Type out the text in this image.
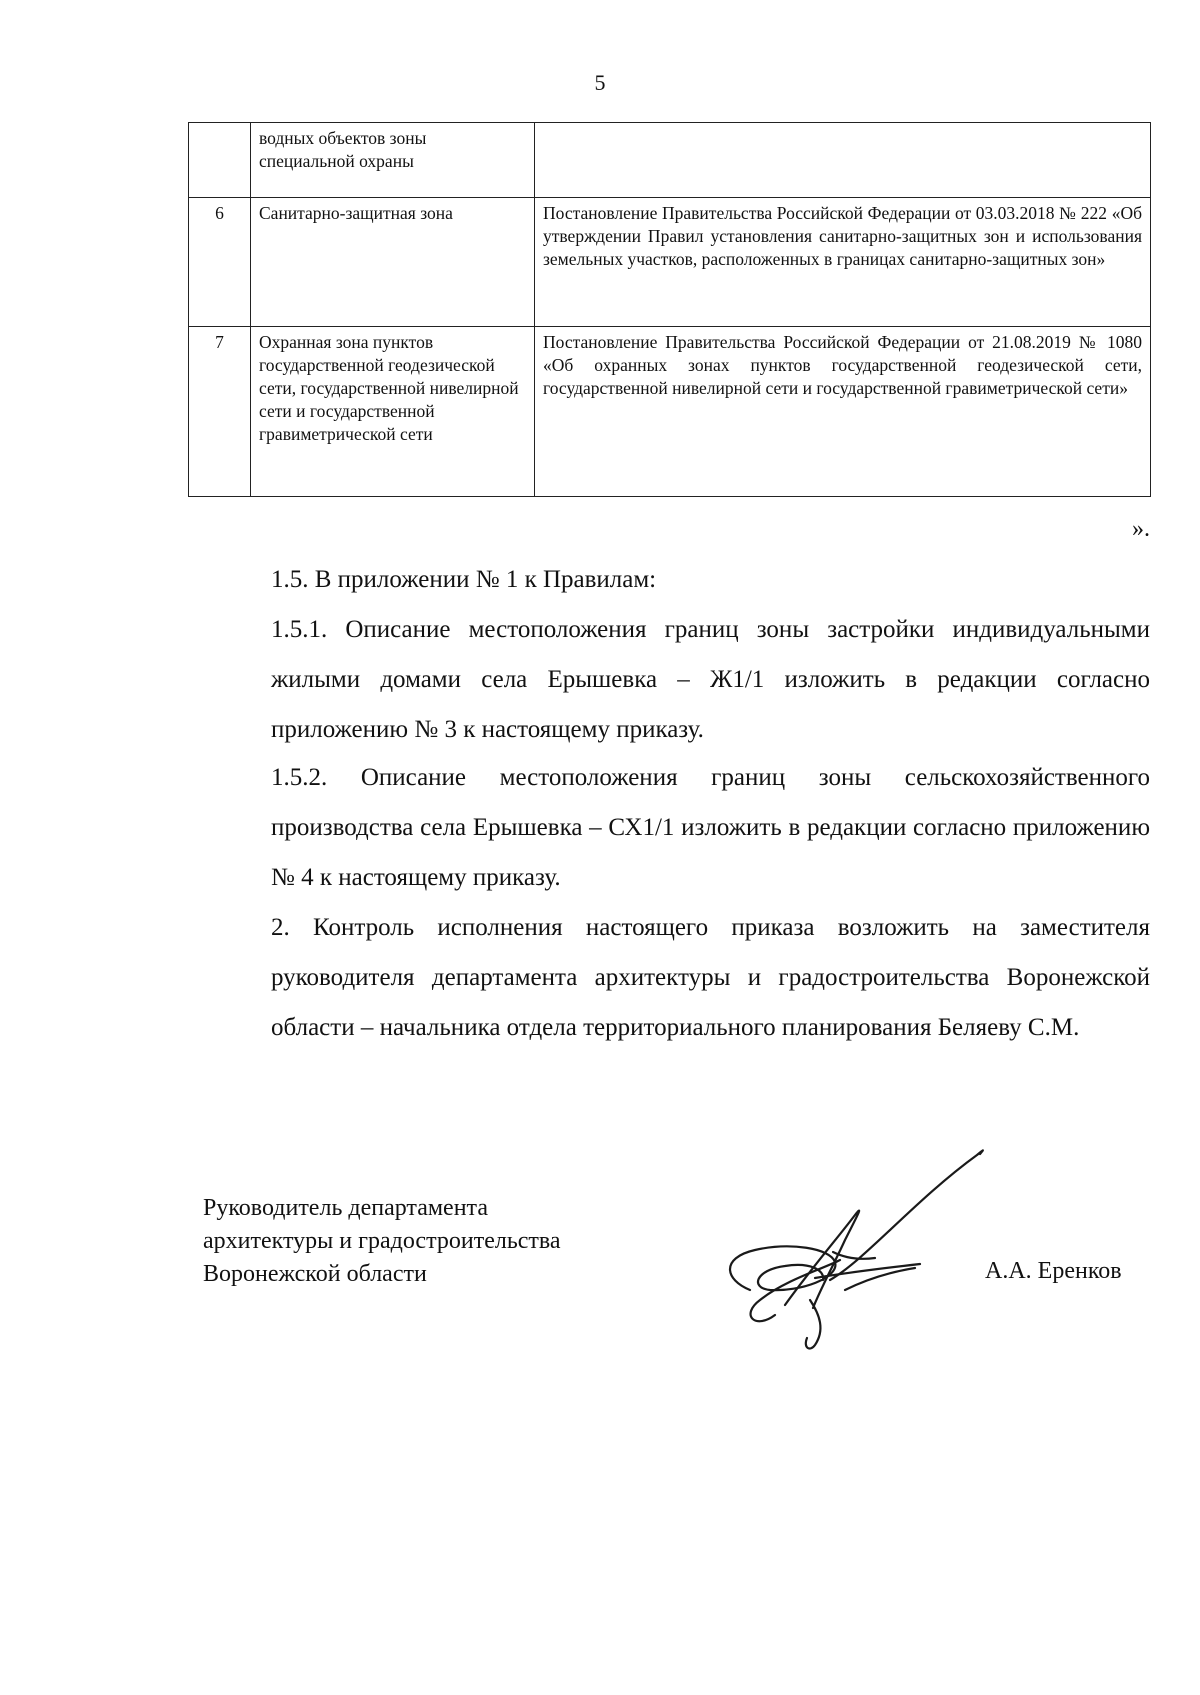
5
	водных объектов зоны специальной охраны	
6	Санитарно-защитная зона	Постановление Правительства Российской Федерации от 03.03.2018 № 222 «Об утверждении Правил установления санитарно-защитных зон и использования земельных участков, расположенных в границах санитарно-защитных зон»
7	Охранная зона пунктов государственной геодезической сети, государственной нивелирной сети и государственной гравиметрической сети	Постановление Правительства Российской Федерации от 21.08.2019 № 1080 «Об охранных зонах пунктов государственной геодезической сети, государственной нивелирной сети и государственной гравиметрической сети»
».
1.5. В приложении № 1 к Правилам:
1.5.1. Описание местоположения границ зоны застройки индивидуальными жилыми домами села Ерышевка – Ж1/1 изложить в редакции согласно приложению № 3 к настоящему приказу.
1.5.2. Описание местоположения границ зоны сельскохозяйственного производства села Ерышевка – СХ1/1 изложить в редакции согласно приложению № 4 к настоящему приказу.
2. Контроль исполнения настоящего приказа возложить на заместителя руководителя департамента архитектуры и градостроительства Воронежской области – начальника отдела территориального планирования Беляеву С.М.
Руководитель департамента
архитектуры и градостроительства
Воронежской области	А.А. Еренков
